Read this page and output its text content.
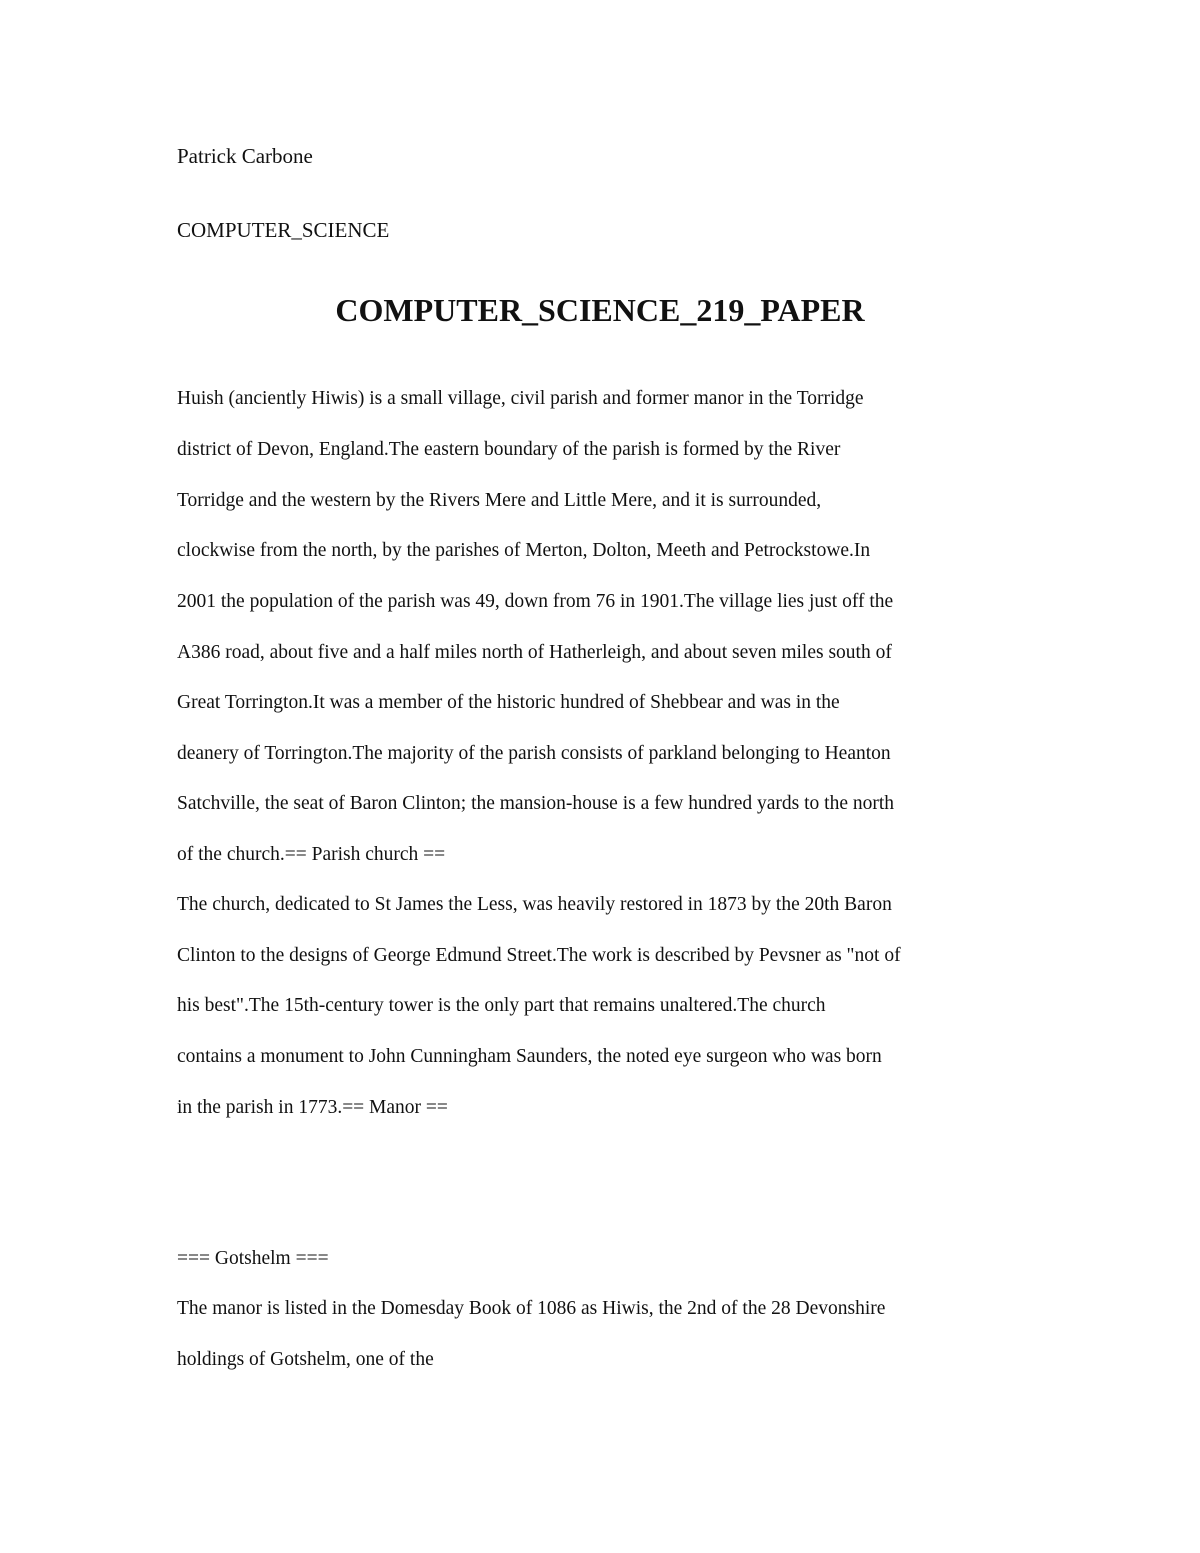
Patrick Carbone
COMPUTER_SCIENCE
COMPUTER_SCIENCE_219_PAPER
Huish (anciently Hiwis) is a small village, civil parish and former manor in the Torridge
district of Devon, England.The eastern boundary of the parish is formed by the River
Torridge and the western by the Rivers Mere and Little Mere, and it is surrounded,
clockwise from the north, by the parishes of Merton, Dolton, Meeth and Petrockstowe.In
2001 the population of the parish was 49, down from 76 in 1901.The village lies just off the
A386 road, about five and a half miles north of Hatherleigh, and about seven miles south of
Great Torrington.It was a member of the historic hundred of Shebbear and was in the
deanery of Torrington.The majority of the parish consists of parkland belonging to Heanton
Satchville, the seat of Baron Clinton; the mansion-house is a few hundred yards to the north
of the church.== Parish church ==
The church, dedicated to St James the Less, was heavily restored in 1873 by the 20th Baron
Clinton to the designs of George Edmund Street.The work is described by Pevsner as "not of
his best".The 15th-century tower is the only part that remains unaltered.The church
contains a monument to John Cunningham Saunders, the noted eye surgeon who was born
in the parish in 1773.== Manor ==
=== Gotshelm ===
The manor is listed in the Domesday Book of 1086 as Hiwis, the 2nd of the 28 Devonshire
holdings of Gotshelm, one of the
